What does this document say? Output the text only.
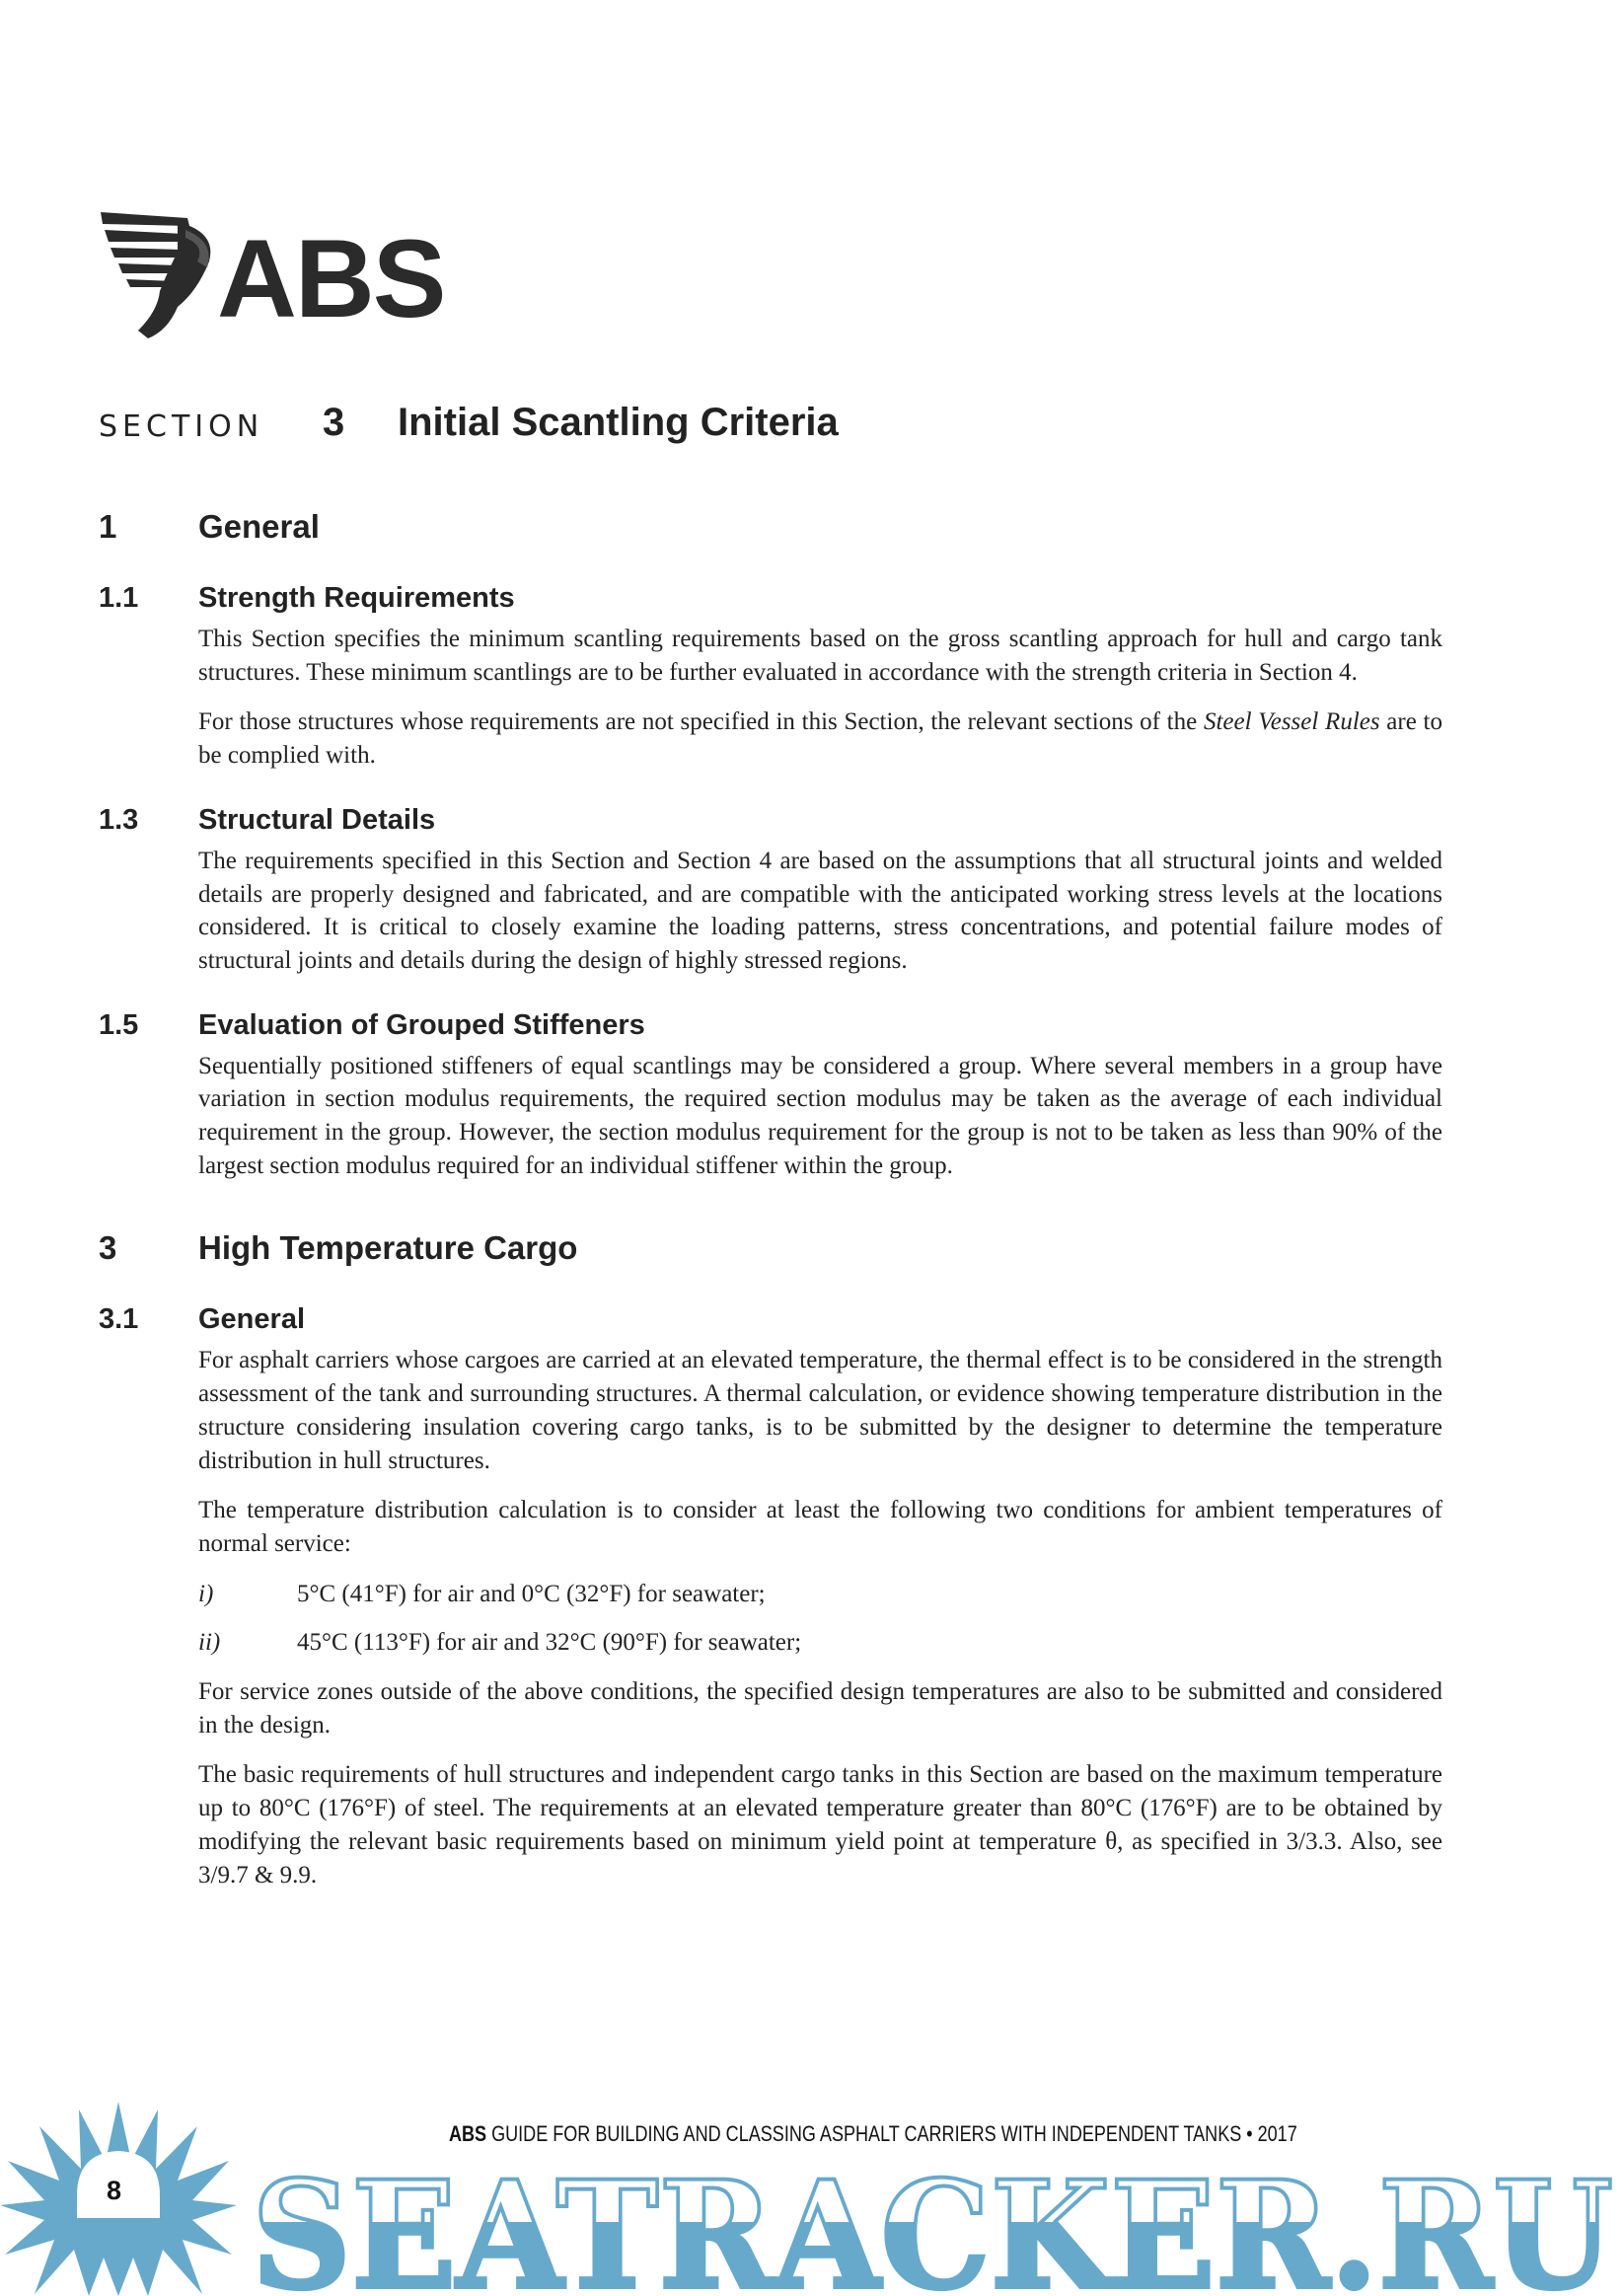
ABS
SECTION 3 Initial Scantling Criteria
1	General
1.1 Strength Requirements

This Section specifies the minimum scantling requirements based on the gross scantling approach for hull and cargo tank structures. These minimum scantlings are to be further evaluated in accordance with the strength criteria in Section 4.

For those structures whose requirements are not specified in this Section, the relevant sections of the Steel Vessel Rules are to be complied with.

1.3 Structural Details

The requirements specified in this Section and Section 4 are based on the assumptions that all structural joints and welded details are properly designed and fabricated, and are compatible with the anticipated working stress levels at the locations considered. It is critical to closely examine the loading patterns, stress concentrations, and potential failure modes of structural joints and details during the design of highly stressed regions.

1.5 Evaluation of Grouped Stiffeners

Sequentially positioned stiffeners of equal scantlings may be considered a group. Where several members in a group have variation in section modulus requirements, the required section modulus may be taken as the average of each individual requirement in the group. However, the section modulus requirement for the group is not to be taken as less than 90% of the largest section modulus required for an individual stiffener within the group.

3	High Temperature Cargo
3.1 General

For asphalt carriers whose cargoes are carried at an elevated temperature, the thermal effect is to be considered in the strength assessment of the tank and surrounding structures. A thermal calculation, or evidence showing temperature distribution in the structure considering insulation covering cargo tanks, is to be submitted by the designer to determine the temperature distribution in hull structures.

The temperature distribution calculation is to consider at least the following two conditions for ambient temperatures of normal service:

i)	5°C (41°F) for air and 0°C (32°F) for seawater;
ii)	45°C (113°F) for air and 32°C (90°F) for seawater;

For service zones outside of the above conditions, the specified design temperatures are also to be submitted and considered in the design.

The basic requirements of hull structures and independent cargo tanks in this Section are based on the maximum temperature up to 80°C (176°F) of steel. The requirements at an elevated temperature greater than 80°C (176°F) are to be obtained by modifying the relevant basic requirements based on minimum yield point at temperature θ, as specified in 3/3.3. Also, see 3/9.7 & 9.9.

SEATRACKER.RU
8
ABS GUIDE FOR BUILDING AND CLASSING ASPHALT CARRIERS WITH INDEPENDENT TANKS • 2017
